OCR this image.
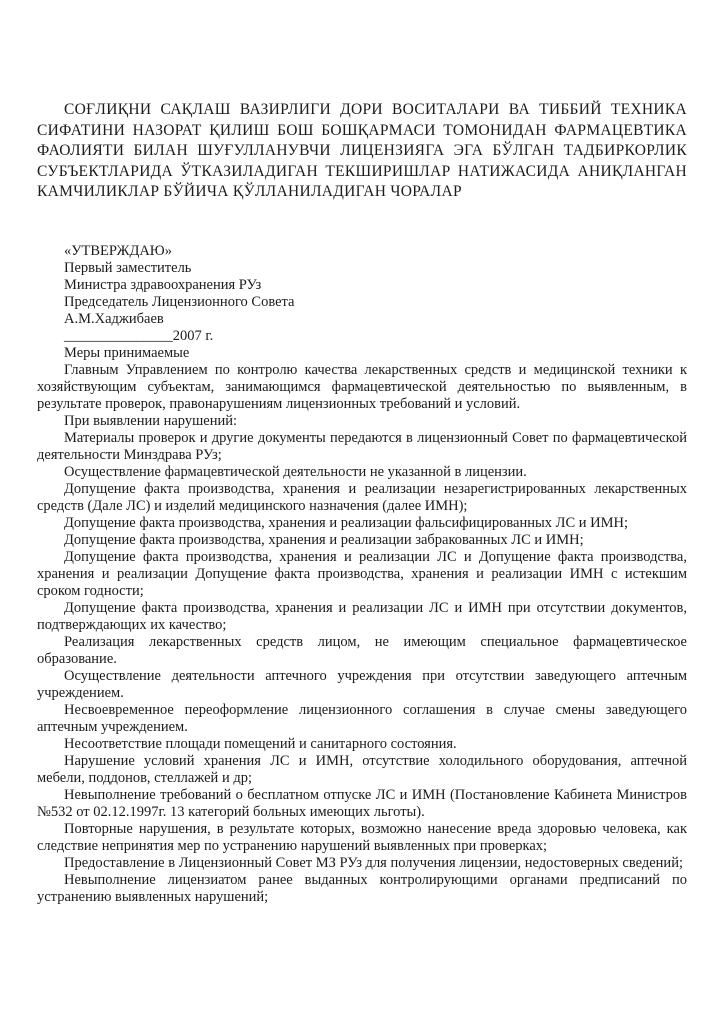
СОҒЛИҚНИ САҚЛАШ ВАЗИРЛИГИ ДОРИ ВОСИТАЛАРИ ВА ТИББИЙ ТЕХНИКА
СИФАТИНИ НАЗОРАТ ҚИЛИШ БОШ БОШҚАРМАСИ ТОМОНИДАН ФАРМАЦЕВТИКА
ФАОЛИЯТИ БИЛАН ШУҒУЛЛАНУВЧИ ЛИЦЕНЗИЯГА ЭГА БЎЛГАН ТАДБИРКОРЛИК
СУБЪЕКТЛАРИДА ЎТКАЗИЛАДИГАН ТЕКШИРИШЛАР НАТИЖАСИДА АНИҚЛАНГАН
КАМЧИЛИКЛАР БЎЙИЧА ҚЎЛЛАНИЛАДИГАН ЧОРАЛАР
«УТВЕРЖДАЮ»
Первый заместитель
Министра здравоохранения РУз
Председатель Лицензионного Совета
А.М.Хаджибаев
_______________2007 г.

Меры принимаемые

Главным Управлением по контролю качества лекарственных средств и медицинской техники к хозяйствующим субъектам, занимающимся фармацевтической деятельностью по выявленным, в результате проверок, правонарушениям лицензионных требований и условий.

При выявлении нарушений:

Материалы проверок и другие документы передаются в лицензионный Совет по фармацевтической деятельности Минздрава РУз;

Осуществление фармацевтической деятельности не указанной в лицензии.

Допущение факта производства, хранения и реализации незарегистрированных лекарственных средств (Дале ЛС) и изделий медицинского назначения (далее ИМН);

Допущение факта производства, хранения и реализации фальсифицированных ЛС и ИМН;

Допущение факта производства, хранения и реализации забракованных ЛС и ИМН;

Допущение факта производства, хранения и реализации ЛС и Допущение факта производства, хранения и реализации Допущение факта производства, хранения и реализации ИМН с истекшим сроком годности;

Допущение факта производства, хранения и реализации ЛС и ИМН при отсутствии документов, подтверждающих их качество;

Реализация лекарственных средств лицом, не имеющим специальное фармацевтическое образование.

Осуществление деятельности аптечного учреждения при отсутствии заведующего аптечным учреждением.

Несвоевременное переоформление лицензионного соглашения в случае смены заведующего аптечным учреждением.

Несоответствие площади помещений и санитарного состояния.

Нарушение условий хранения ЛС и ИМН, отсутствие холодильного оборудования, аптечной мебели, поддонов, стеллажей и др;

Невыполнение требований о бесплатном отпуске ЛС и ИМН (Постановление Кабинета Министров №532 от 02.12.1997г. 13 категорий больных имеющих льготы).

Повторные нарушения, в результате которых, возможно нанесение вреда здоровью человека, как следствие непринятия мер по устранению нарушений выявленных при проверках;

Предоставление в Лицензионный Совет МЗ РУз для получения лицензии, недостоверных сведений;

Невыполнение лицензиатом ранее выданных контролирующими органами предписаний по устранению выявленных нарушений;
